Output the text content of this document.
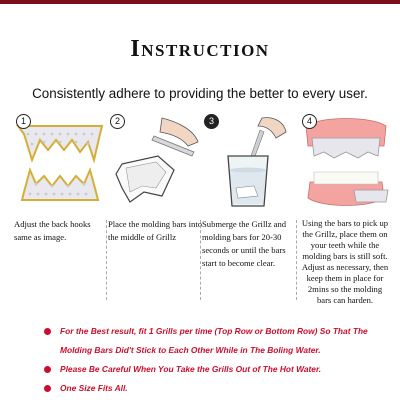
Instruction
Consistently adhere to providing the better to every user.
1
Adjust the back hooks same as image.
2
Place the molding bars into the middle of Grillz
3
Submerge the Grillz and molding bars for 20-30 seconds or until the bars start to become clear.
4
Using the bars to pick up the Grillz, place them on your teeth while the molding bars is still soft. Adjust as necessary, then keep them in place for 2mins so the molding bars can harden.
For the Best result, fit 1 Grills per time (Top Row or Bottom Row) So That The Molding Bars Did't Stick to Each Other While in The Boling Water.
Please Be Careful When You Take the Grills Out of The Hot Water.
One Size Fits All.
